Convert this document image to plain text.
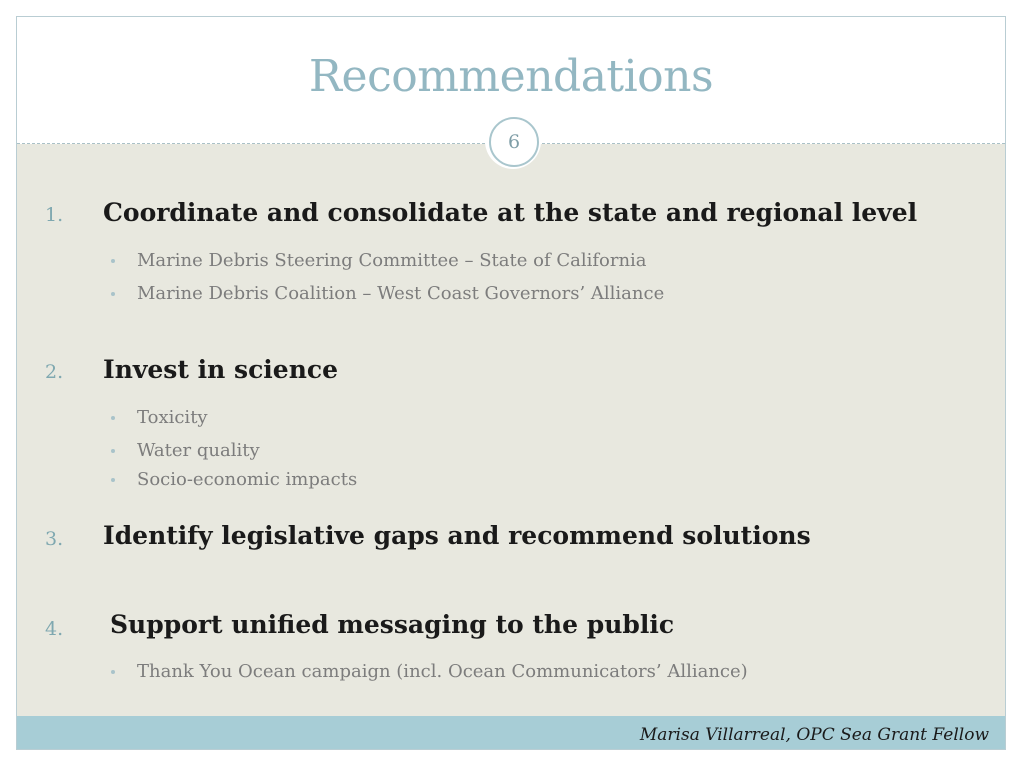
Recommendations
6
1. Coordinate and consolidate at the state and regional level
Marine Debris Steering Committee – State of California
Marine Debris Coalition – West Coast Governors’ Alliance
2. Invest in science
Toxicity
Water quality
Socio-economic impacts
3. Identify legislative gaps and recommend solutions
4. Support unified messaging to the public
Thank You Ocean campaign (incl. Ocean Communicators’ Alliance)
Marisa Villarreal, OPC Sea Grant Fellow
